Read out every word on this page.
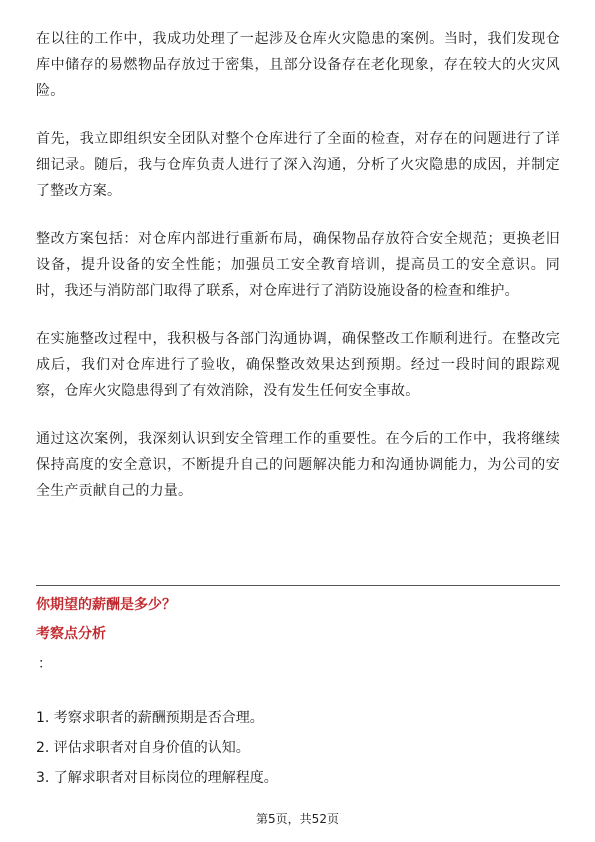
在以往的工作中，我成功处理了一起涉及仓库火灾隐患的案例。当时，我们发现仓库中储存的易燃物品存放过于密集，且部分设备存在老化现象，存在较大的火灾风险。

首先，我立即组织安全团队对整个仓库进行了全面的检查，对存在的问题进行了详细记录。随后，我与仓库负责人进行了深入沟通，分析了火灾隐患的成因，并制定了整改方案。

整改方案包括：对仓库内部进行重新布局，确保物品存放符合安全规范；更换老旧设备，提升设备的安全性能；加强员工安全教育培训，提高员工的安全意识。同时，我还与消防部门取得了联系，对仓库进行了消防设施设备的检查和维护。

在实施整改过程中，我积极与各部门沟通协调，确保整改工作顺利进行。在整改完成后，我们对仓库进行了验收，确保整改效果达到预期。经过一段时间的跟踪观察，仓库火灾隐患得到了有效消除，没有发生任何安全事故。

通过这次案例，我深刻认识到安全管理工作的重要性。在今后的工作中，我将继续保持高度的安全意识，不断提升自己的问题解决能力和沟通协调能力，为公司的安全生产贡献自己的力量。

你期望的薪酬是多少？

考察点分析

：

1. 考察求职者的薪酬预期是否合理。
2. 评估求职者对自身价值的认知。
3. 了解求职者对目标岗位的理解程度。
第5页，共52页
